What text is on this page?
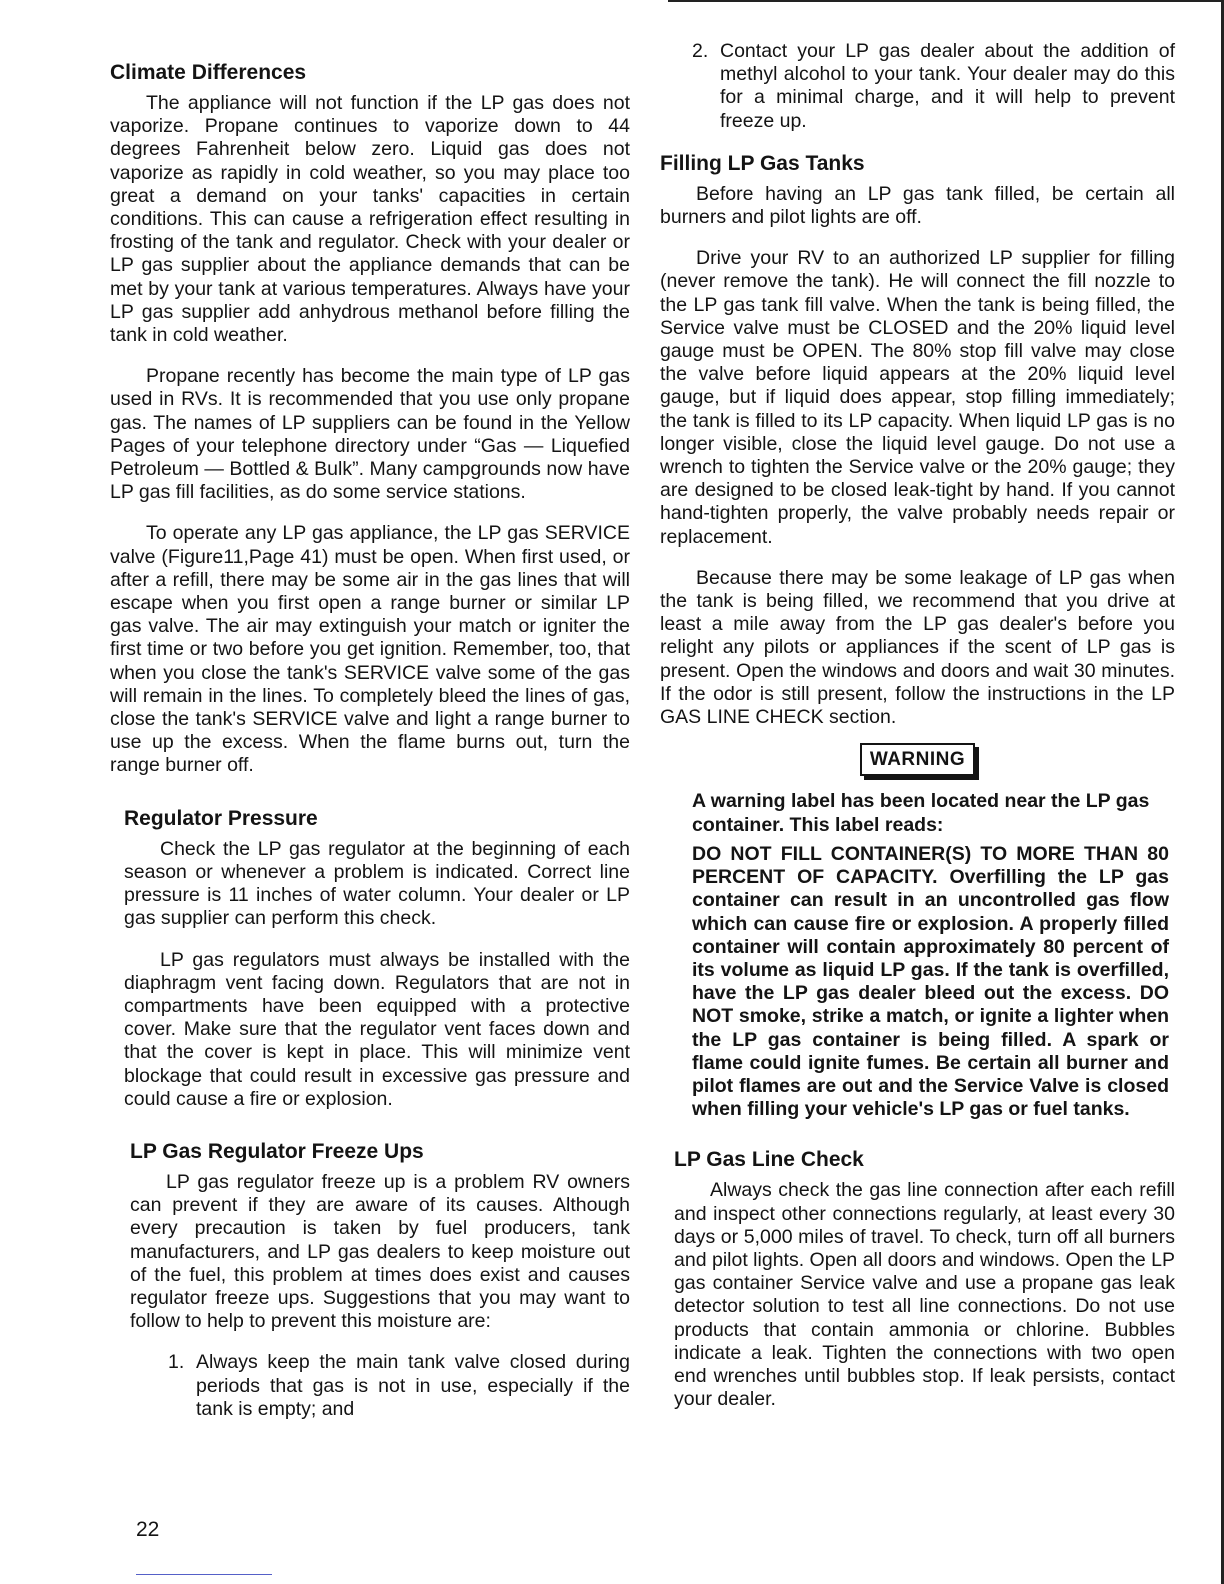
Climate Differences

The appliance will not function if the LP gas does not vaporize. Propane continues to vaporize down to 44 degrees Fahrenheit below zero. Liquid gas does not vaporize as rapidly in cold weather, so you may place too great a demand on your tanks' capacities in certain conditions. This can cause a refrigeration effect resulting in frosting of the tank and regulator. Check with your dealer or LP gas supplier about the appliance demands that can be met by your tank at various temperatures. Always have your LP gas supplier add anhydrous methanol before filling the tank in cold weather.

Propane recently has become the main type of LP gas used in RVs. It is recommended that you use only propane gas. The names of LP suppliers can be found in the Yellow Pages of your telephone directory under “Gas — Liquefied Petroleum — Bottled & Bulk”. Many campgrounds now have LP gas fill facilities, as do some service stations.

To operate any LP gas appliance, the LP gas SERVICE valve (Figure11,Page 41) must be open. When first used, or after a refill, there may be some air in the gas lines that will escape when you first open a range burner or similar LP gas valve. The air may extinguish your match or igniter the first time or two before you get ignition. Remember, too, that when you close the tank's SERVICE valve some of the gas will remain in the lines. To completely bleed the lines of gas, close the tank's SERVICE valve and light a range burner to use up the excess. When the flame burns out, turn the range burner off.

Regulator Pressure

Check the LP gas regulator at the beginning of each season or whenever a problem is indicated. Correct line pressure is 11 inches of water column. Your dealer or LP gas supplier can perform this check.

LP gas regulators must always be installed with the diaphragm vent facing down. Regulators that are not in compartments have been equipped with a protective cover. Make sure that the regulator vent faces down and that the cover is kept in place. This will minimize vent blockage that could result in excessive gas pressure and could cause a fire or explosion.

LP Gas Regulator Freeze Ups

LP gas regulator freeze up is a problem RV owners can prevent if they are aware of its causes. Although every precaution is taken by fuel producers, tank manufacturers, and LP gas dealers to keep moisture out of the fuel, this problem at times does exist and causes regulator freeze ups. Suggestions that you may want to follow to help to prevent this moisture are:

1. Always keep the main tank valve closed during periods that gas is not in use, especially if the tank is empty; and
2. Contact your LP gas dealer about the addition of methyl alcohol to your tank. Your dealer may do this for a minimal charge, and it will help to prevent freeze up.
Filling LP Gas Tanks

Before having an LP gas tank filled, be certain all burners and pilot lights are off.

Drive your RV to an authorized LP supplier for filling (never remove the tank). He will connect the fill nozzle to the LP gas tank fill valve. When the tank is being filled, the Service valve must be CLOSED and the 20% liquid level gauge must be OPEN. The 80% stop fill valve may close the valve before liquid appears at the 20% liquid level gauge, but if liquid does appear, stop filling immediately; the tank is filled to its LP capacity. When liquid LP gas is no longer visible, close the liquid level gauge. Do not use a wrench to tighten the Service valve or the 20% gauge; they are designed to be closed leak-tight by hand. If you cannot hand-tighten properly, the valve probably needs repair or replacement.

Because there may be some leakage of LP gas when the tank is being filled, we recommend that you drive at least a mile away from the LP gas dealer's before you relight any pilots or appliances if the scent of LP gas is present. Open the windows and doors and wait 30 minutes. If the odor is still present, follow the instructions in the LP GAS LINE CHECK section.

WARNING

A warning label has been located near the LP gas container. This label reads:

DO NOT FILL CONTAINER(S) TO MORE THAN 80 PERCENT OF CAPACITY. Overfilling the LP gas container can result in an uncontrolled gas flow which can cause fire or explosion. A properly filled container will contain approximately 80 percent of its volume as liquid LP gas. If the tank is overfilled, have the LP gas dealer bleed out the excess. DO NOT smoke, strike a match, or ignite a lighter when the LP gas container is being filled. A spark or flame could ignite fumes. Be certain all burner and pilot flames are out and the Service Valve is closed when filling your vehicle's LP gas or fuel tanks.

LP Gas Line Check

Always check the gas line connection after each refill and inspect other connections regularly, at least every 30 days or 5,000 miles of travel. To check, turn off all burners and pilot lights. Open all doors and windows. Open the LP gas container Service valve and use a propane gas leak detector solution to test all line connections. Do not use products that contain ammonia or chlorine. Bubbles indicate a leak. Tighten the connections with two open end wrenches until bubbles stop. If leak persists, contact your dealer.

22
